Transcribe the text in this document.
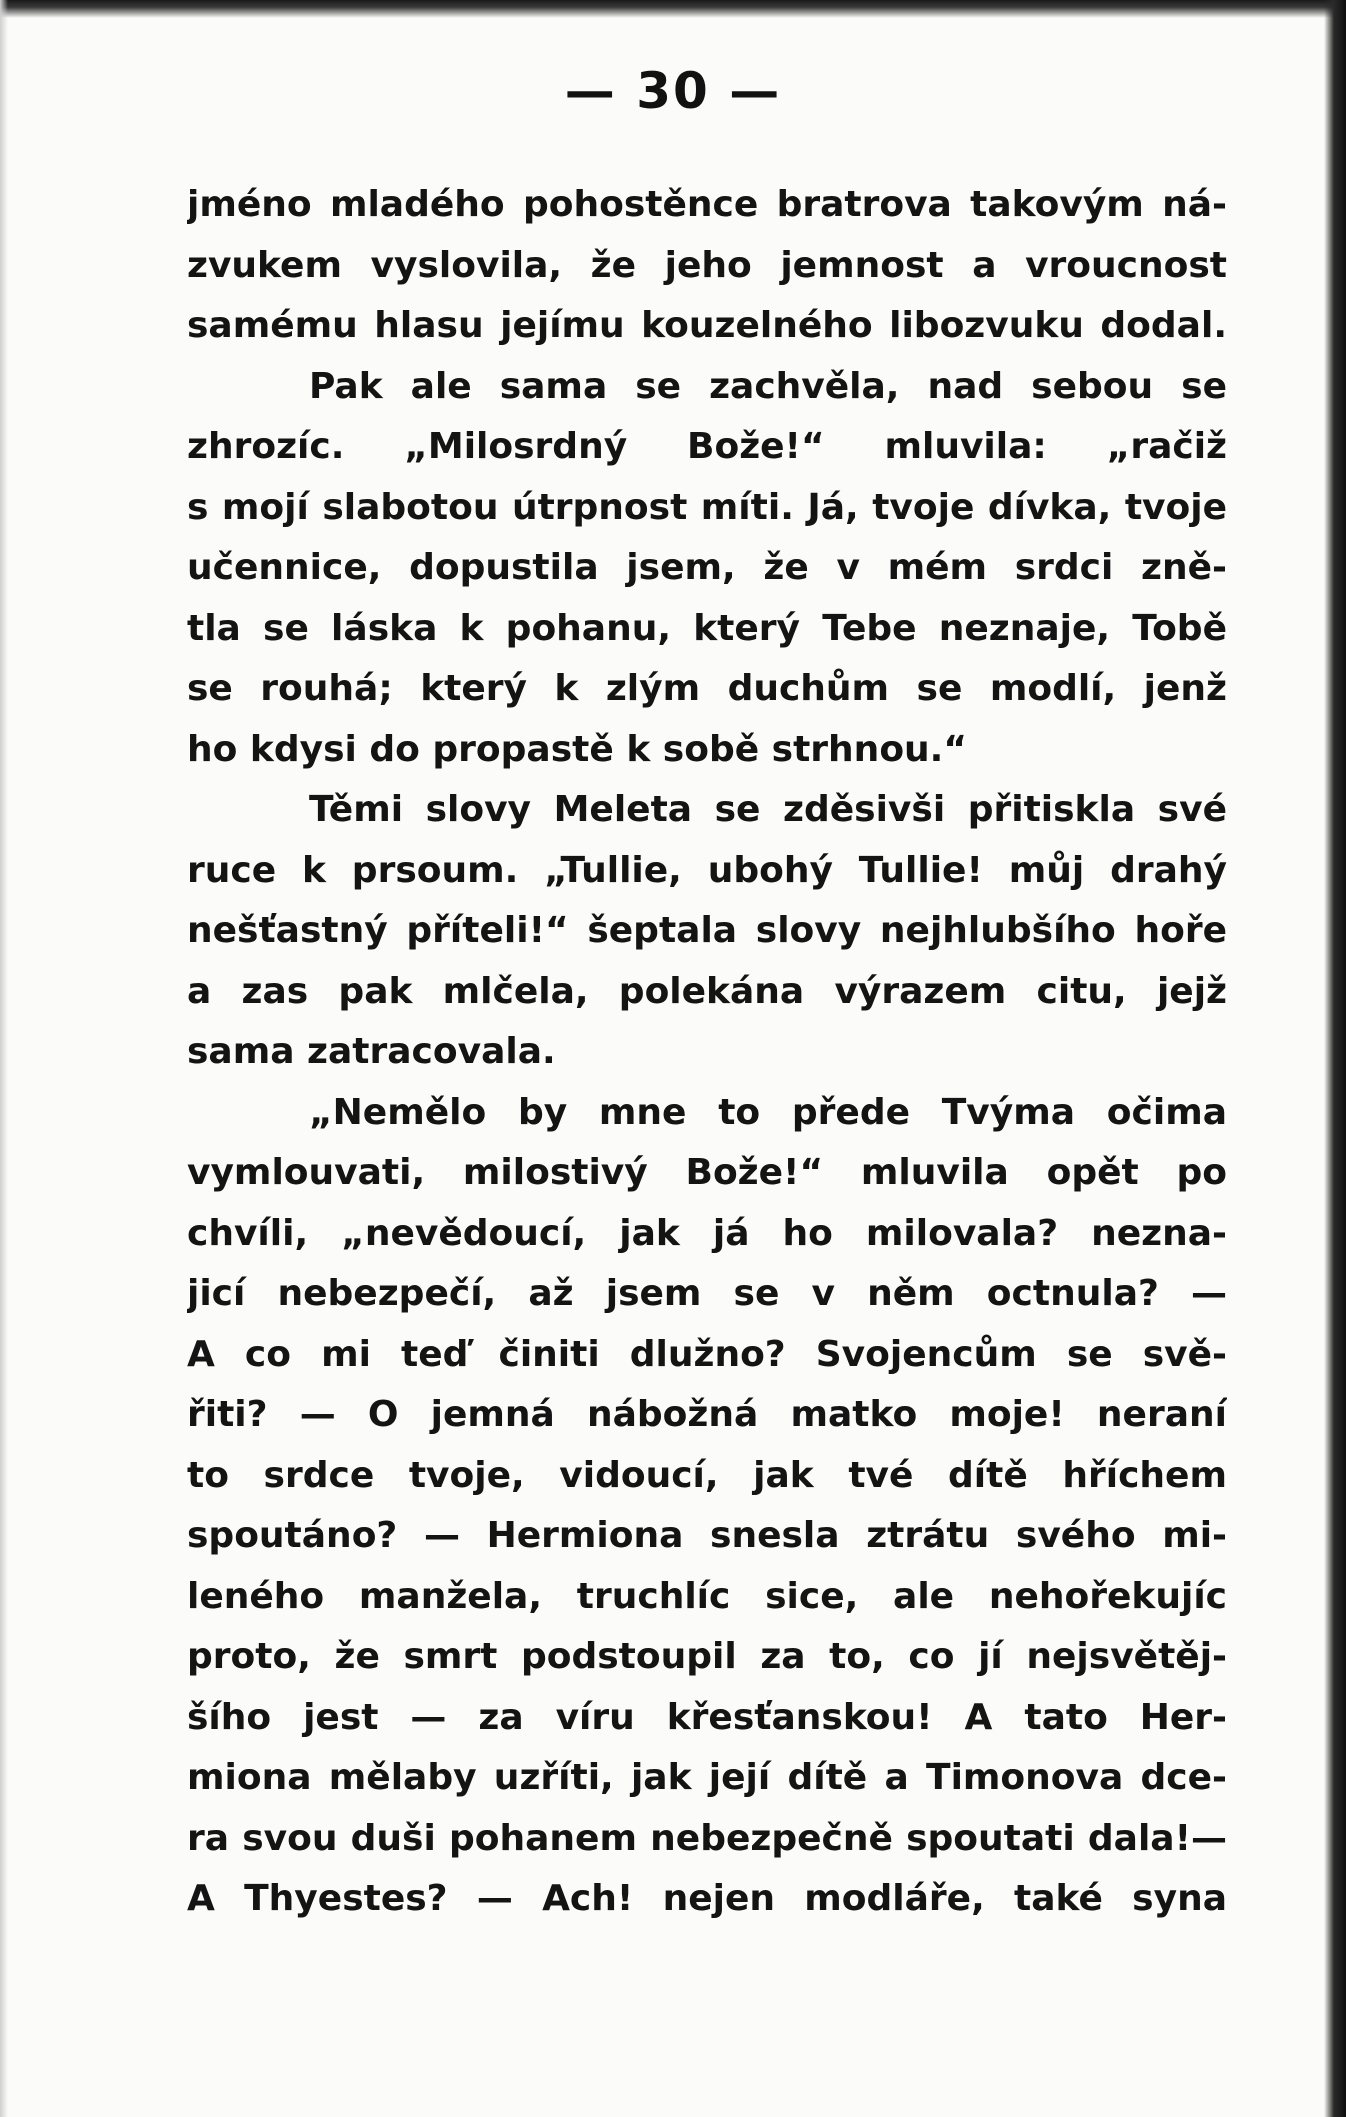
— 30 —
jméno mladého pohostěnce bratrova takovým ná-
zvukem vyslovila, že jeho jemnost a vroucnost
samému hlasu jejímu kouzelného libozvuku dodal.
Pak ale sama se zachvěla, nad sebou se
zhrozíc. „Milosrdný Bože!“ mluvila: „račiž
s mojí slabotou útrpnost míti. Já, tvoje dívka, tvoje
učennice, dopustila jsem, že v mém srdci zně-
tla se láska k pohanu, který Tebe neznaje, Tobě
se rouhá; který k zlým duchům se modlí, jenž
ho kdysi do propastě k sobě strhnou.“
Těmi slovy Meleta se zděsivši přitiskla své
ruce k prsoum. „Tullie, ubohý Tullie! můj drahý
nešťastný příteli!“ šeptala slovy nejhlubšího hoře
a zas pak mlčela, polekána výrazem citu, jejž
sama zatracovala.
„Nemělo by mne to přede Tvýma očima
vymlouvati, milostivý Bože!“ mluvila opět po
chvíli, „nevědoucí, jak já ho milovala? nezna-
jicí nebezpečí, až jsem se v něm octnula? —
A co mi teď činiti dlužno? Svojencům se svě-
řiti? — O jemná nábožná matko moje! neraní
to srdce tvoje, vidoucí, jak tvé dítě hříchem
spoutáno? — Hermiona snesla ztrátu svého mi-
leného manžela, truchlíc sice, ale nehořekujíc
proto, že smrt podstoupil za to, co jí nejsvětěj-
šího jest — za víru křesťanskou! A tato Her-
miona mělaby uzříti, jak její dítě a Timonova dce-
ra svou duši pohanem nebezpečně spoutati dala!—
A Thyestes? — Ach! nejen modláře, také syna
